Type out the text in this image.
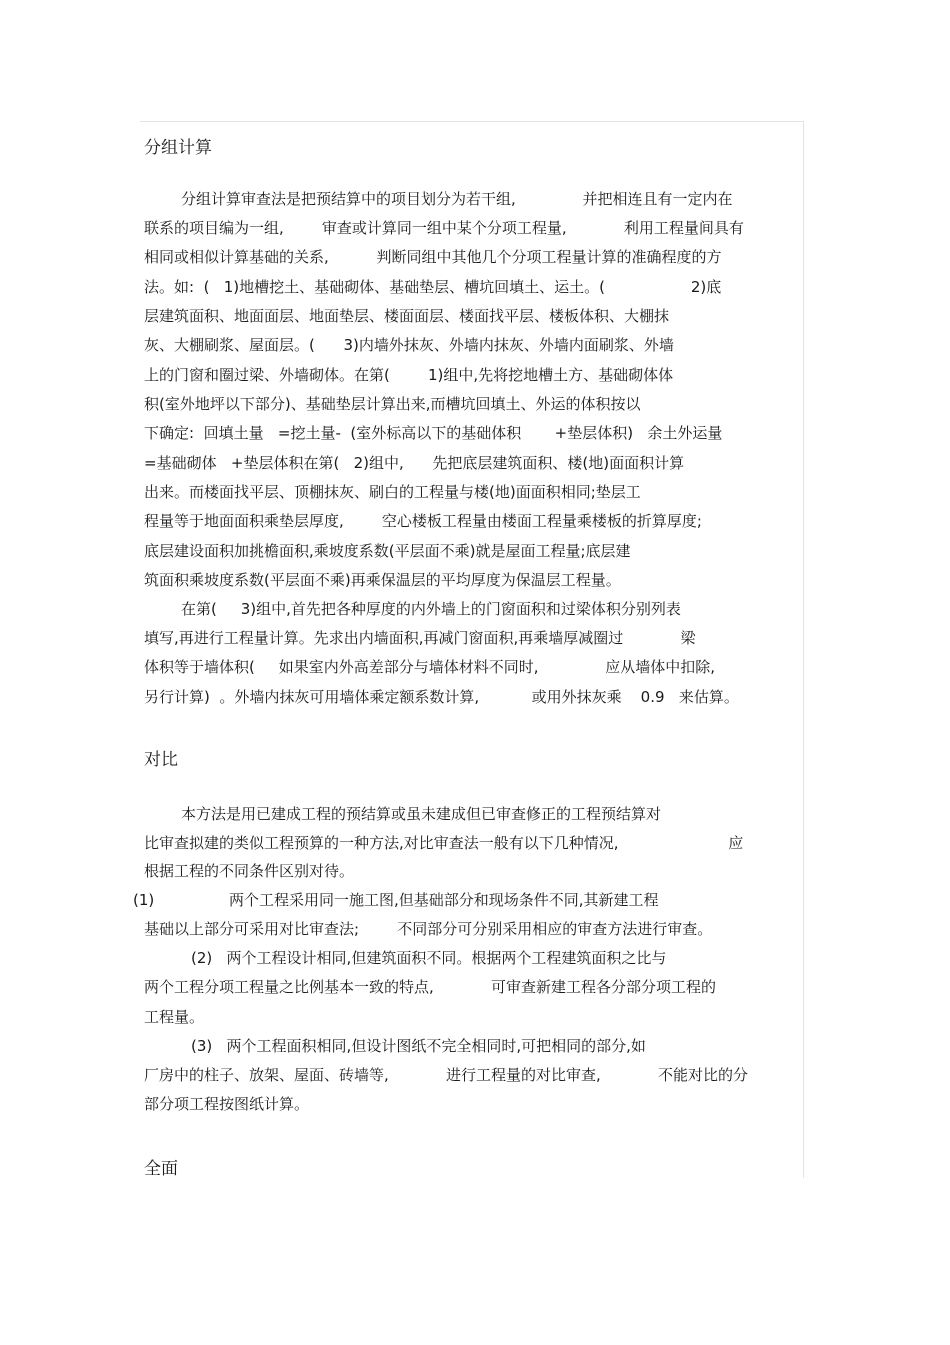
分组计算
分组计算审查法是把预结算中的项目划分为若干组,              并把相连且有一定内在
联系的项目编为一组,        审查或计算同一组中某个分项工程量,            利用工程量间具有
相同或相似计算基础的关系,          判断同组中其他几个分项工程量计算的准确程度的方
法。如:  (   1)地槽挖土、基础砌体、基础垫层、槽坑回填土、运土。(                  2)底
层建筑面积、地面面层、地面垫层、楼面面层、楼面找平层、楼板体积、大棚抹
灰、大棚刷浆、屋面层。(      3)内墙外抹灰、外墙内抹灰、外墙内面刷浆、外墙
上的门窗和圈过梁、外墙砌体。在第(        1)组中,先将挖地槽土方、基础砌体体
积(室外地坪以下部分)、基础垫层计算出来,而槽坑回填土、外运的体积按以
下确定:  回填土量   =挖土量-  (室外标高以下的基础体积       +垫层体积)   余土外运量
=基础砌体   +垫层体积在第(   2)组中,      先把底层建筑面积、楼(地)面面积计算
出来。而楼面找平层、顶棚抹灰、刷白的工程量与楼(地)面面积相同;垫层工
程量等于地面面积乘垫层厚度,        空心楼板工程量由楼面工程量乘楼板的折算厚度;
底层建设面积加挑檐面积,乘坡度系数(平层面不乘)就是屋面工程量;底层建
筑面积乘坡度系数(平层面不乘)再乘保温层的平均厚度为保温层工程量。
在第(     3)组中,首先把各种厚度的内外墙上的门窗面积和过梁体积分别列表
填写,再进行工程量计算。先求出内墙面积,再减门窗面积,再乘墙厚减圈过            梁
体积等于墙体积(     如果室内外高差部分与墙体材料不同时,              应从墙体中扣除,
另行计算)  。外墙内抹灰可用墙体乘定额系数计算,           或用外抹灰乘    0.9   来估算。
对比
本方法是用已建成工程的预结算或虽未建成但已审查修正的工程预结算对
比审查拟建的类似工程预算的一种方法,对比审查法一般有以下几种情况,                       应
根据工程的不同条件区别对待。
(1)	两个工程采用同一施工图,但基础部分和现场条件不同,其新建工程
基础以上部分可采用对比审查法;        不同部分可分别采用相应的审查方法进行审查。
(2)   两个工程设计相同,但建筑面积不同。根据两个工程建筑面积之比与
两个工程分项工程量之比例基本一致的特点,            可审查新建工程各分部分项工程的
工程量。
(3)   两个工程面积相同,但设计图纸不完全相同时,可把相同的部分,如
厂房中的柱子、放架、屋面、砖墙等,            进行工程量的对比审查,            不能对比的分
部分项工程按图纸计算。
全面
